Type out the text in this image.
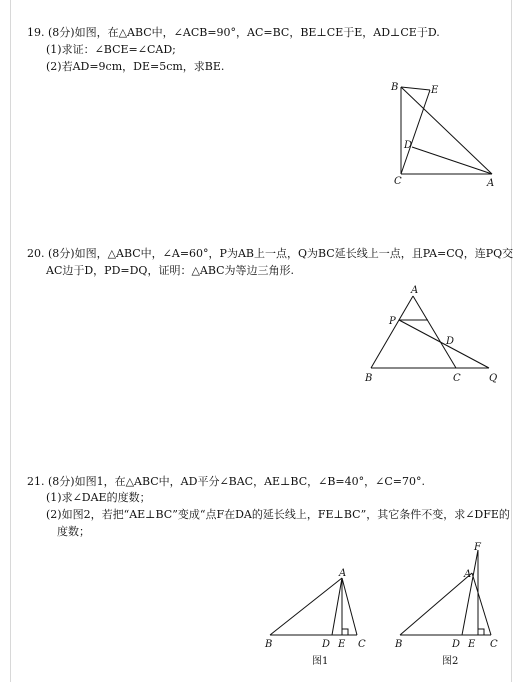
19. (8分)如图，在△ABC中，∠ACB=90°，AC=BC，BE⊥CE于E，AD⊥CE于D.
(1)求证：∠BCE=∠CAD;
(2)若AD=9cm，DE=5cm，求BE.
B	E
D
C	A
20. (8分)如图，△ABC中，∠A=60°，P为AB上一点，Q为BC延长线上一点，且PA=CQ，连PQ交
AC边于D，PD=DQ，证明：△ABC为等边三角形.
A
P
D
B	C	Q
21. (8分)如图1，在△ABC中，AD平分∠BAC，AE⊥BC，∠B=40°，∠C=70°.
(1)求∠DAE的度数；
(2)如图2，若把“AE⊥BC”变成“点F在DA的延长线上，FE⊥BC”，其它条件不变，求∠DFE的
度数；
A
B	D E C
图1
F
A
B	D E C
图2
